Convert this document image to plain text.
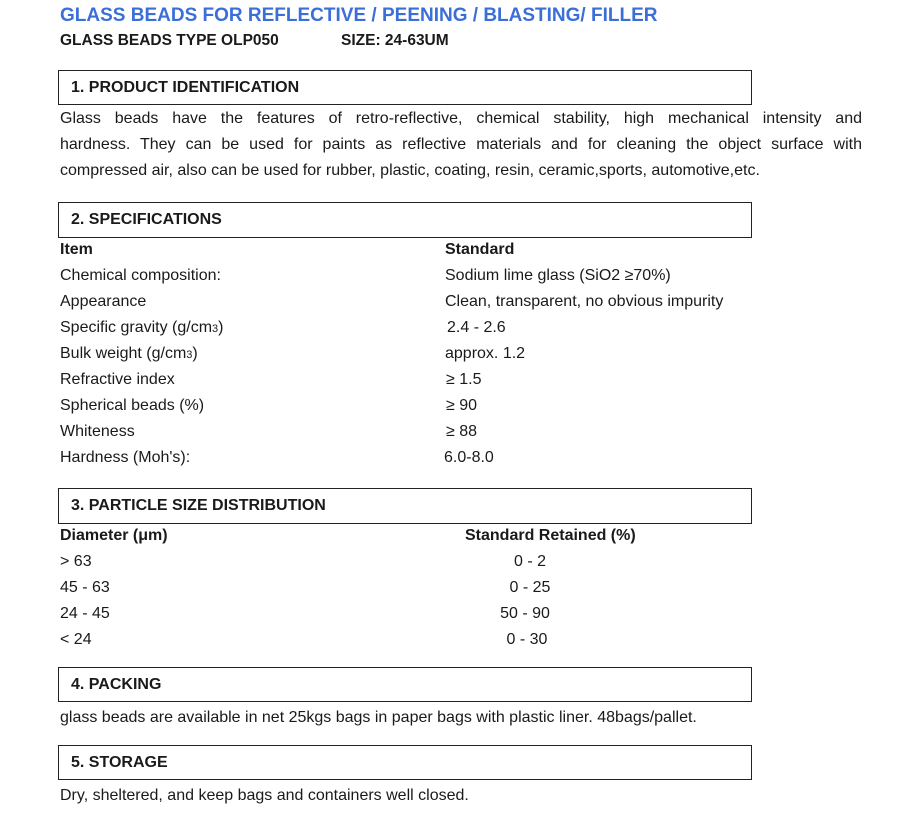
GLASS BEADS FOR REFLECTIVE / PEENING / BLASTING/ FILLER
GLASS BEADS TYPE OLP050	SIZE: 24-63UM
1. PRODUCT IDENTIFICATION
Glass beads have the features of retro-reflective, chemical stability, high mechanical intensity and
hardness. They can be used for paints as reflective materials and for cleaning the object surface with
compressed air, also can be used for rubber, plastic, coating, resin, ceramic,sports, automotive,etc.
2. SPECIFICATIONS
Item	Standard
Chemical composition:	Sodium lime glass (SiO2 ≥70%)
Appearance	Clean, transparent, no obvious impurity
Specific gravity (g/cm3)	2.4 - 2.6
Bulk weight (g/cm3)	approx. 1.2
Refractive index	≥ 1.5
Spherical beads (%)	≥ 90
Whiteness	≥ 88
Hardness (Moh's):	6.0-8.0
3. PARTICLE SIZE DISTRIBUTION
Diameter (μm)	Standard Retained (%)
> 63	0 - 2
45 - 63	0 - 25
24 - 45	50 - 90
< 24	0 - 30
4. PACKING
glass beads are available in net 25kgs bags in paper bags with plastic liner. 48bags/pallet.
5. STORAGE
Dry, sheltered, and keep bags and containers well closed.
